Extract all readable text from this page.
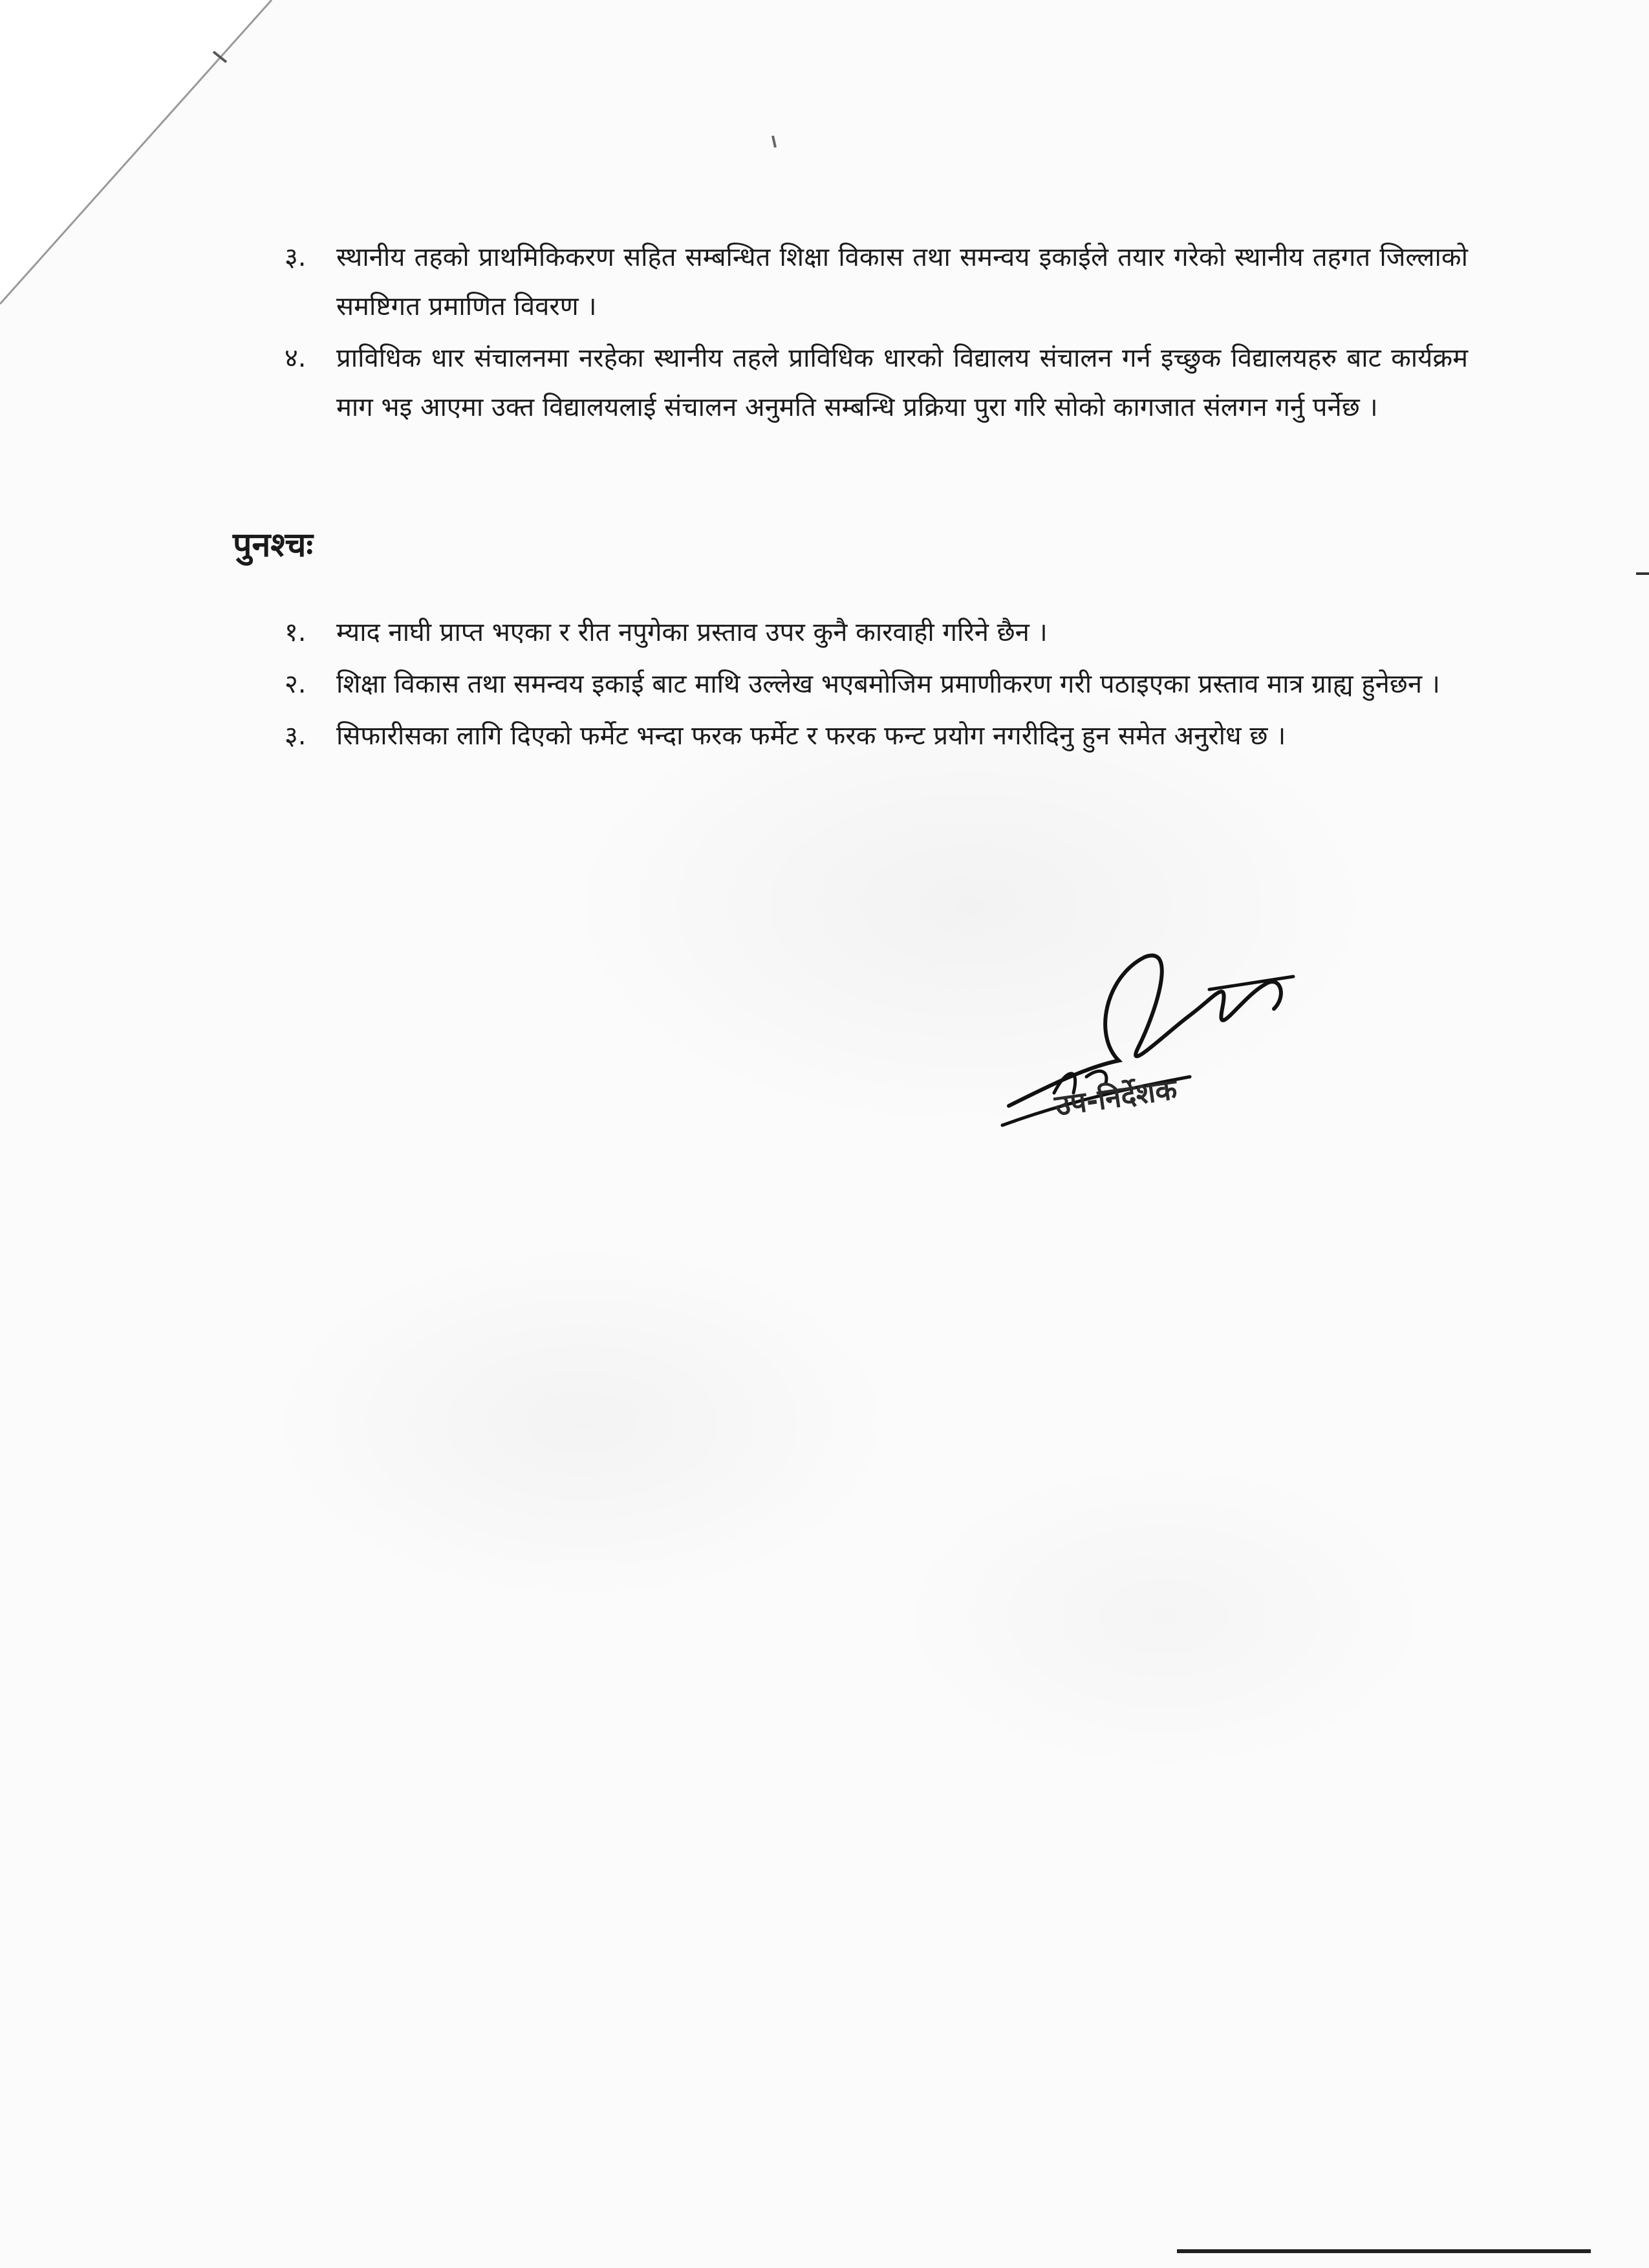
३.	स्थानीय तहको प्राथमिकिकरण सहित सम्बन्धित शिक्षा विकास तथा समन्वय इकाईले तयार गरेको स्थानीय तहगत जिल्लाको समष्टिगत प्रमाणित विवरण ।
४.	प्राविधिक धार संचालनमा नरहेका स्थानीय तहले प्राविधिक धारको विद्यालय संचालन गर्न इच्छुक विद्यालयहरु बाट कार्यक्रम माग भइ आएमा उक्त विद्यालयलाई संचालन अनुमति सम्बन्धि प्रक्रिया पुरा गरि सोको कागजात संलगन गर्नु पर्नेछ ।
पुनश्चः
१.	म्याद नाघी प्राप्त भएका र रीत नपुगेका प्रस्ताव उपर कुनै कारवाही गरिने छैन ।
२.	शिक्षा विकास तथा समन्वय इकाई बाट माथि उल्लेख भएबमोजिम प्रमाणीकरण गरी पठाइएका प्रस्ताव मात्र ग्राह्य हुनेछन ।
३.	सिफारीसका लागि दिएको फर्मेट भन्दा फरक फर्मेट र फरक फन्ट प्रयोग नगरीदिनु हुन समेत अनुरोध छ ।
उप-निर्देशक
